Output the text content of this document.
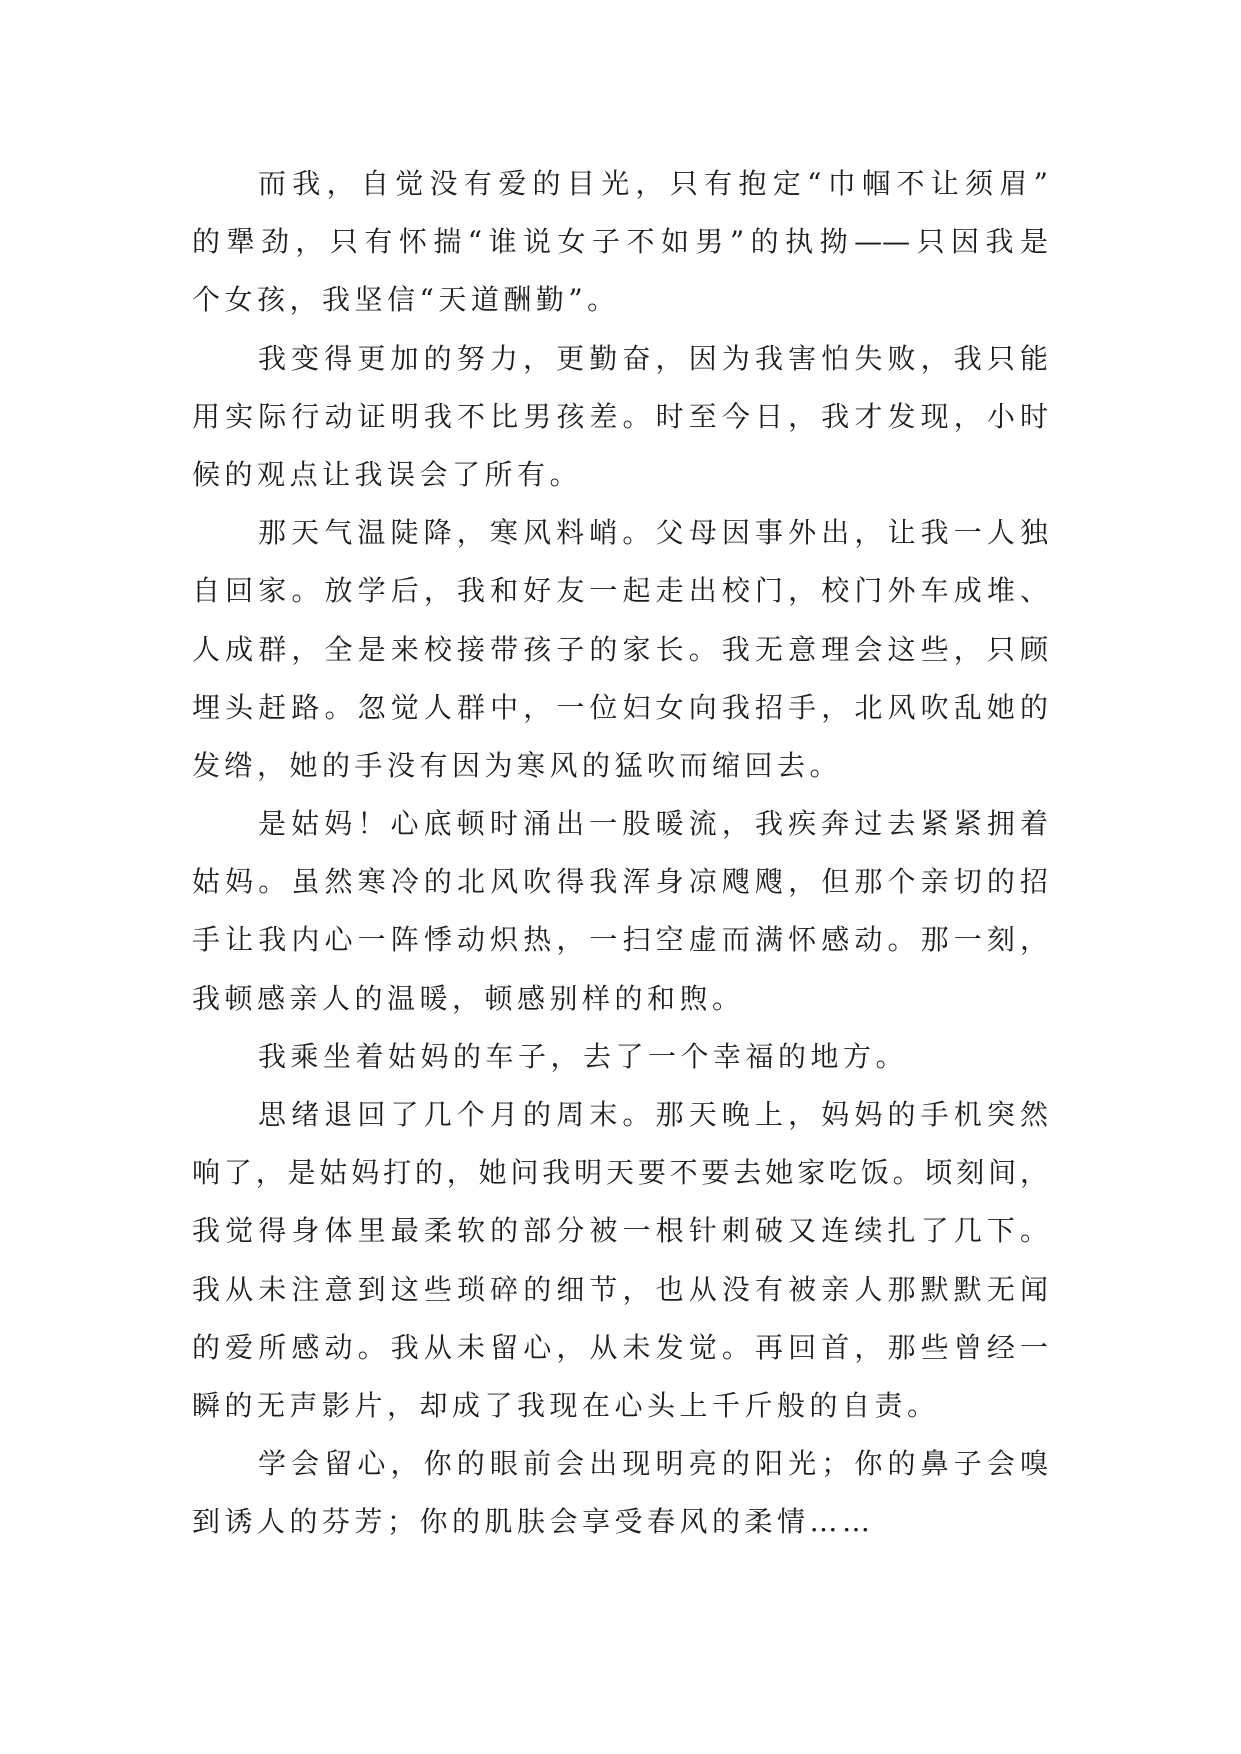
而我，自觉没有爱的目光，只有抱定“巾帼不让须眉”
的犟劲，只有怀揣“谁说女子不如男”的执拗——只因我是
个女孩，我坚信“天道酬勤”。
我变得更加的努力，更勤奋，因为我害怕失败，我只能
用实际行动证明我不比男孩差。时至今日，我才发现，小时
候的观点让我误会了所有。
那天气温陡降，寒风料峭。父母因事外出，让我一人独
自回家。放学后，我和好友一起走出校门，校门外车成堆、
人成群，全是来校接带孩子的家长。我无意理会这些，只顾
埋头赶路。忽觉人群中，一位妇女向我招手，北风吹乱她的
发绺，她的手没有因为寒风的猛吹而缩回去。
是姑妈！心底顿时涌出一股暖流，我疾奔过去紧紧拥着
姑妈。虽然寒冷的北风吹得我浑身凉飕飕，但那个亲切的招
手让我内心一阵悸动炽热，一扫空虚而满怀感动。那一刻，
我顿感亲人的温暖，顿感别样的和煦。
我乘坐着姑妈的车子，去了一个幸福的地方。
思绪退回了几个月的周末。那天晚上，妈妈的手机突然
响了，是姑妈打的，她问我明天要不要去她家吃饭。顷刻间，
我觉得身体里最柔软的部分被一根针刺破又连续扎了几下。
我从未注意到这些琐碎的细节，也从没有被亲人那默默无闻
的爱所感动。我从未留心，从未发觉。再回首，那些曾经一
瞬的无声影片，却成了我现在心头上千斤般的自责。
学会留心，你的眼前会出现明亮的阳光；你的鼻子会嗅
到诱人的芬芳；你的肌肤会享受春风的柔情……
